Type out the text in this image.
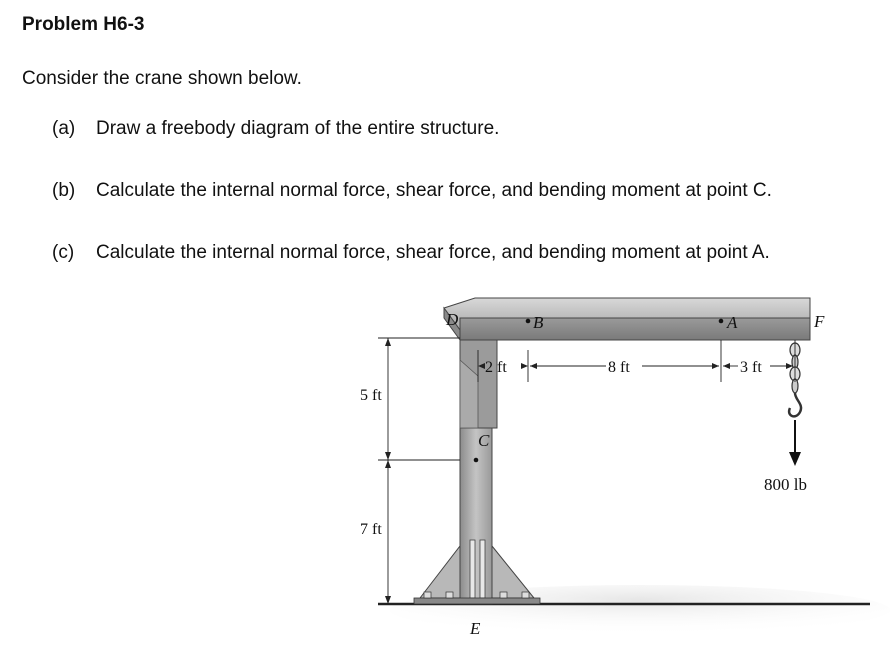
Problem H6-3
Consider the crane shown below.
(a) Draw a freebody diagram of the entire structure.
(b) Calculate the internal normal force, shear force, and bending moment at point C.
(c) Calculate the internal normal force, shear force, and bending moment at point A.
D	B	A	F
C
E
2 ft	8 ft	3 ft
5 ft
7 ft
800 lb
